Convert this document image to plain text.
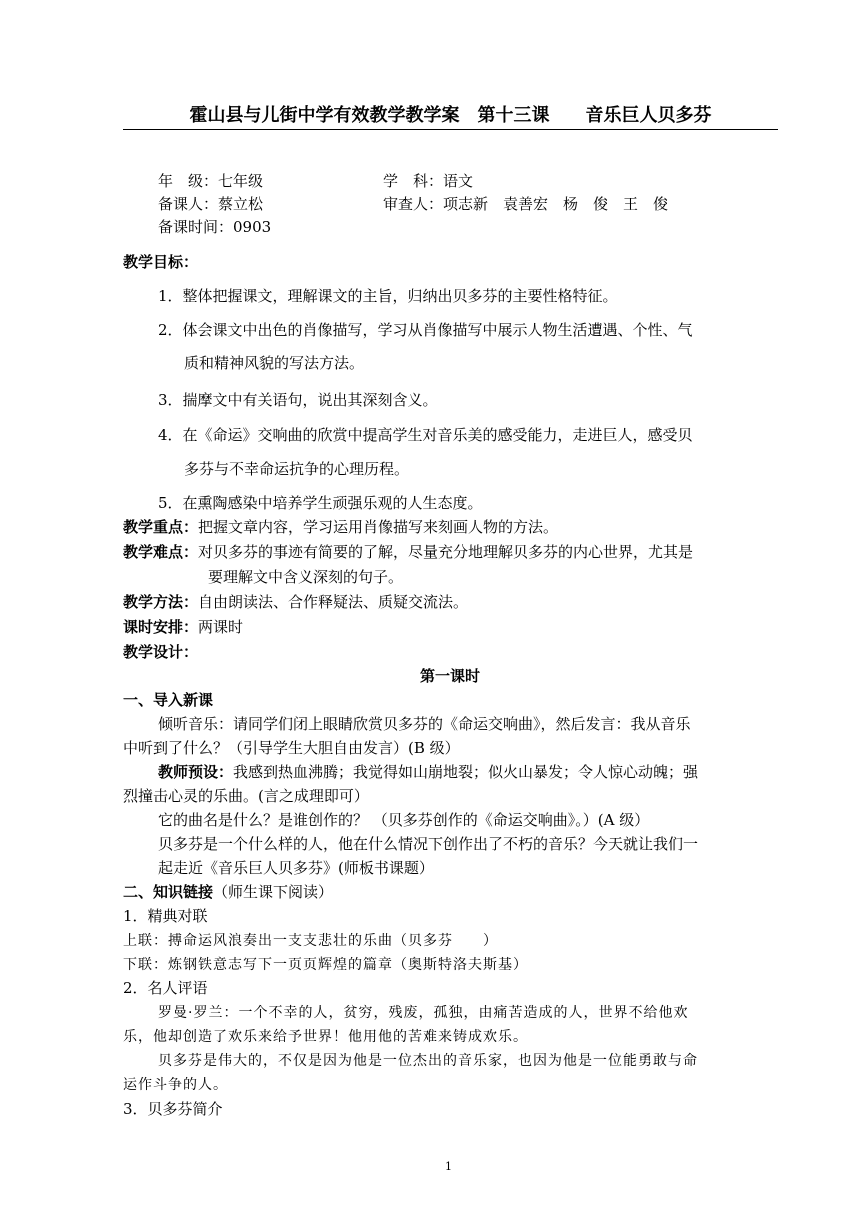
霍山县与儿街中学有效教学教学案　第十三课　　音乐巨人贝多芬
年　级：七年级	学　科：语文
备课人：蔡立松	审查人：项志新　袁善宏　杨　俊　王　俊
备课时间：0903
教学目标：
1．整体把握课文，理解课文的主旨，归纳出贝多芬的主要性格特征。
2．体会课文中出色的肖像描写，学习从肖像描写中展示人物生活遭遇、个性、气
质和精神风貌的写法方法。
3．揣摩文中有关语句，说出其深刻含义。
4．在《命运》交响曲的欣赏中提高学生对音乐美的感受能力，走进巨人，感受贝
多芬与不幸命运抗争的心理历程。
5．在熏陶感染中培养学生顽强乐观的人生态度。
教学重点：把握文章内容，学习运用肖像描写来刻画人物的方法。
教学难点：对贝多芬的事迹有简要的了解，尽量充分地理解贝多芬的内心世界，尤其是
要理解文中含义深刻的句子。
教学方法：自由朗读法、合作释疑法、质疑交流法。
课时安排：两课时
教学设计：
第一课时
一、导入新课
倾听音乐：请同学们闭上眼睛欣赏贝多芬的《命运交响曲》，然后发言：我从音乐
中听到了什么？（引导学生大胆自由发言）(B 级）
教师预设：我感到热血沸腾；我觉得如山崩地裂；似火山暴发；令人惊心动魄；强
烈撞击心灵的乐曲。(言之成理即可）
它的曲名是什么？是谁创作的？ （贝多芬创作的《命运交响曲》。）(A 级）
贝多芬是一个什么样的人，他在什么情况下创作出了不朽的音乐？今天就让我们一
起走近《音乐巨人贝多芬》(师板书课题）
二、知识链接（师生课下阅读）
1．精典对联
上联：搏命运风浪奏出一支支悲壮的乐曲（贝多芬　　）
下联：炼钢铁意志写下一页页辉煌的篇章（奥斯特洛夫斯基）
2．名人评语
罗曼·罗兰：一个不幸的人，贫穷，残废，孤独，由痛苦造成的人，世界不给他欢
乐，他却创造了欢乐来给予世界！他用他的苦难来铸成欢乐。
贝多芬是伟大的，不仅是因为他是一位杰出的音乐家，也因为他是一位能勇敢与命
运作斗争的人。
3．贝多芬简介
1
